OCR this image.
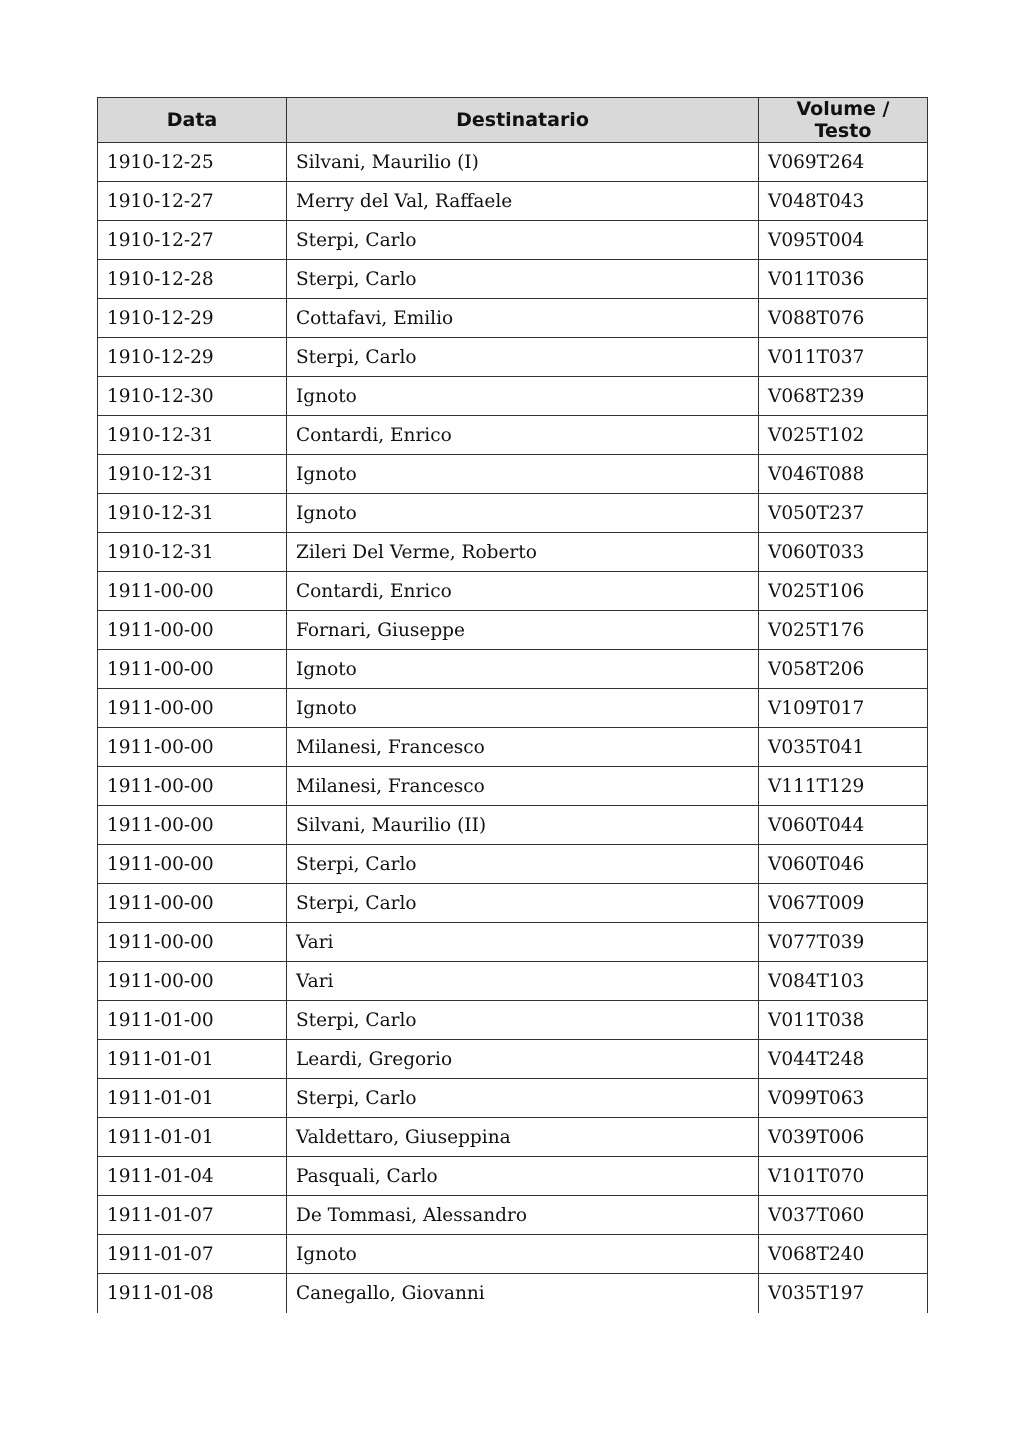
Data	Destinatario	Volume / Testo
1910-12-25	Silvani, Maurilio (I)	V069T264
1910-12-27	Merry del Val, Raffaele	V048T043
1910-12-27	Sterpi, Carlo	V095T004
1910-12-28	Sterpi, Carlo	V011T036
1910-12-29	Cottafavi, Emilio	V088T076
1910-12-29	Sterpi, Carlo	V011T037
1910-12-30	Ignoto	V068T239
1910-12-31	Contardi, Enrico	V025T102
1910-12-31	Ignoto	V046T088
1910-12-31	Ignoto	V050T237
1910-12-31	Zileri Del Verme, Roberto	V060T033
1911-00-00	Contardi, Enrico	V025T106
1911-00-00	Fornari, Giuseppe	V025T176
1911-00-00	Ignoto	V058T206
1911-00-00	Ignoto	V109T017
1911-00-00	Milanesi, Francesco	V035T041
1911-00-00	Milanesi, Francesco	V111T129
1911-00-00	Silvani, Maurilio (II)	V060T044
1911-00-00	Sterpi, Carlo	V060T046
1911-00-00	Sterpi, Carlo	V067T009
1911-00-00	Vari	V077T039
1911-00-00	Vari	V084T103
1911-01-00	Sterpi, Carlo	V011T038
1911-01-01	Leardi, Gregorio	V044T248
1911-01-01	Sterpi, Carlo	V099T063
1911-01-01	Valdettaro, Giuseppina	V039T006
1911-01-04	Pasquali, Carlo	V101T070
1911-01-07	De Tommasi, Alessandro	V037T060
1911-01-07	Ignoto	V068T240
1911-01-08	Canegallo, Giovanni	V035T197
